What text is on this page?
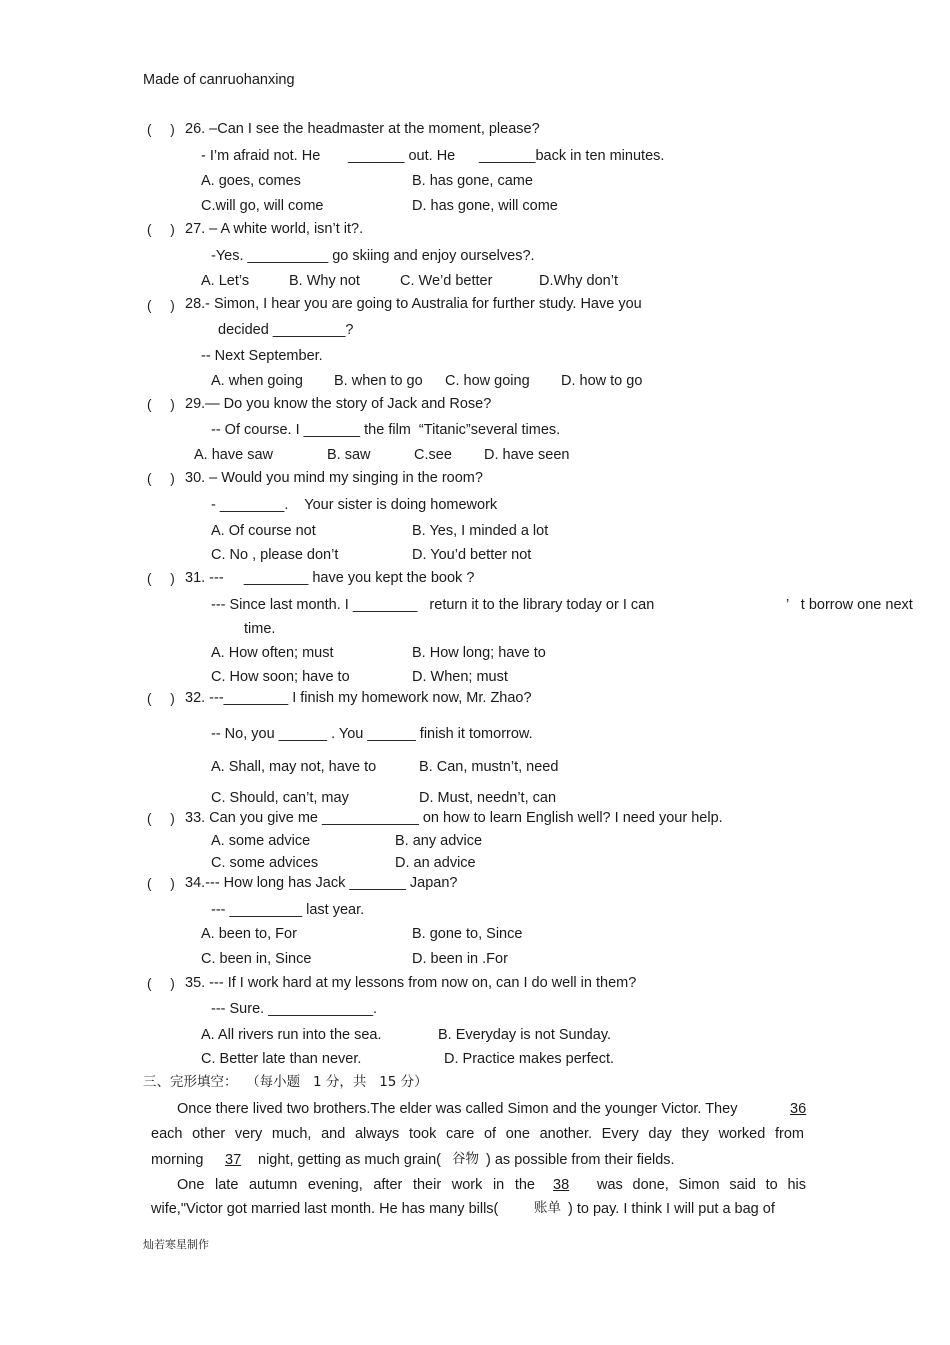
Made of canruohanxing
(     ) 26. –Can I see the headmaster at the moment, please?
- I’m afraid not. He _______ out. He _______back in ten minutes.
A. goes, comes	B. has gone, came
C.will go, will come	D. has gone, will come
(     ) 27. – A white world, isn’t it?.
-Yes. __________ go skiing and enjoy ourselves?.
A. Let’s	B. Why not	C. We’d better	D.Why don’t
(     ) 28.- Simon, I hear you are going to Australia for further study. Have you
decided _________?
-- Next September.
A. when going B. when to go C. how going D. how to go
(     ) 29.— Do you know the story of Jack and Rose?
-- Of course. I _______ the film  “Titanic”several times.
A. have saw	B. saw	C.see D. have seen
(     ) 30. – Would you mind my singing in the room?
- ________.    Your sister is doing homework
A. Of course not	B. Yes, I minded a lot
C. No , please don’t	D. You’d better not
(     ) 31. ---     ________ have you kept the book ?
--- Since last month. I ________   return it to the library today or I can	’   t borrow one next
time.
A. How often; must	B. How long; have to
C. How soon; have to	D. When; must
(     ) 32. ---________ I finish my homework now, Mr. Zhao?
-- No, you ______ . You ______ finish it tomorrow.
A. Shall, may not, have to	B. Can, mustn’t, need
C. Should, can’t, may	D. Must, needn’t, can
(     ) 33. Can you give me ____________ on how to learn English well? I need your help.
A. some advice	B. any advice
C. some advices	D. an advice
(     ) 34.--- How long has Jack _______ Japan?
--- _________ last year.
A. been to, For	B. gone to, Since
C. been in, Since	D. been in .For
(     ) 35. --- If I work hard at my lessons from now on, can I do well in them?
--- Sure. _____________.
A. All rivers run into the sea.	B. Everyday is not Sunday.
C. Better late than never.	D. Practice makes perfect.
三、完形填空：  （每小题   1 分，共   15 分）
Once there lived two brothers.The elder was called Simon and the younger Victor. They	36
each other very much, and always took care of one another. Every day they worked from
morning	37	night, getting as much grain( 谷物 ) as possible from their fields.
One late autumn evening, after their work in the	38	was done, Simon said to his
wife,"Victor got married last month. He has many bills(	账单 ) to pay. I think I will put a bag of
灿若寒星制作
